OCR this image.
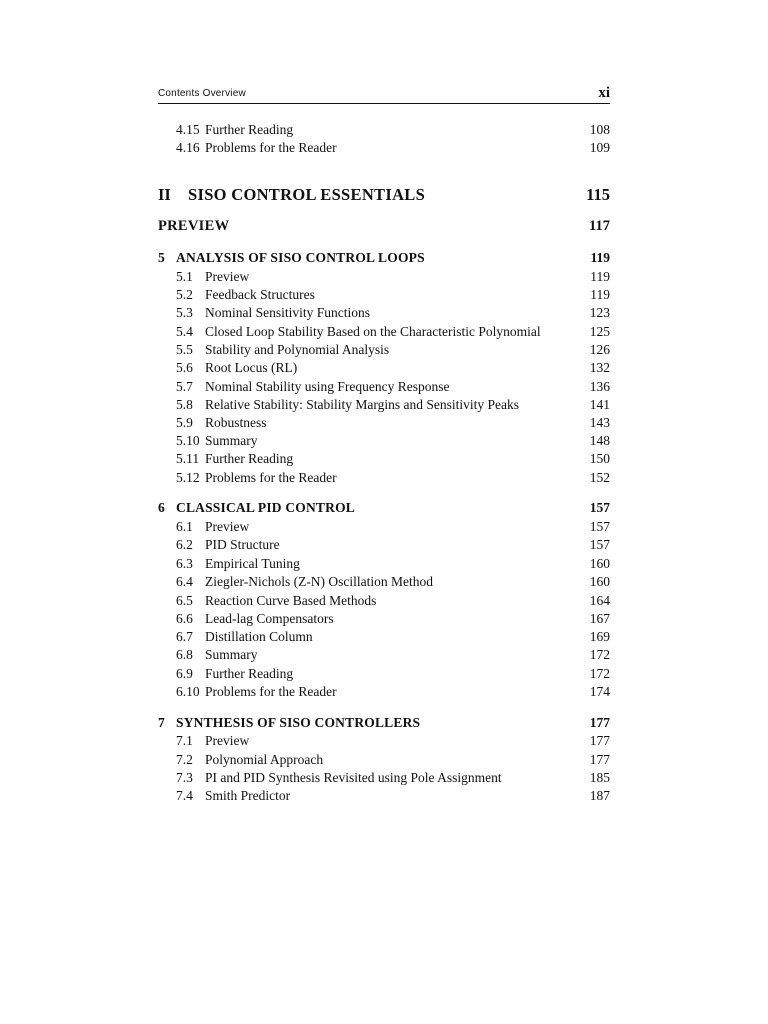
Contents Overview	xi
4.15 Further Reading	108
4.16 Problems for the Reader	109
II SISO CONTROL ESSENTIALS	115
PREVIEW	117
5 ANALYSIS OF SISO CONTROL LOOPS	119
5.1 Preview	119
5.2 Feedback Structures	119
5.3 Nominal Sensitivity Functions	123
5.4 Closed Loop Stability Based on the Characteristic Polynomial	125
5.5 Stability and Polynomial Analysis	126
5.6 Root Locus (RL)	132
5.7 Nominal Stability using Frequency Response	136
5.8 Relative Stability: Stability Margins and Sensitivity Peaks	141
5.9 Robustness	143
5.10 Summary	148
5.11 Further Reading	150
5.12 Problems for the Reader	152
6 CLASSICAL PID CONTROL	157
6.1 Preview	157
6.2 PID Structure	157
6.3 Empirical Tuning	160
6.4 Ziegler-Nichols (Z-N) Oscillation Method	160
6.5 Reaction Curve Based Methods	164
6.6 Lead-lag Compensators	167
6.7 Distillation Column	169
6.8 Summary	172
6.9 Further Reading	172
6.10 Problems for the Reader	174
7 SYNTHESIS OF SISO CONTROLLERS	177
7.1 Preview	177
7.2 Polynomial Approach	177
7.3 PI and PID Synthesis Revisited using Pole Assignment	185
7.4 Smith Predictor	187
